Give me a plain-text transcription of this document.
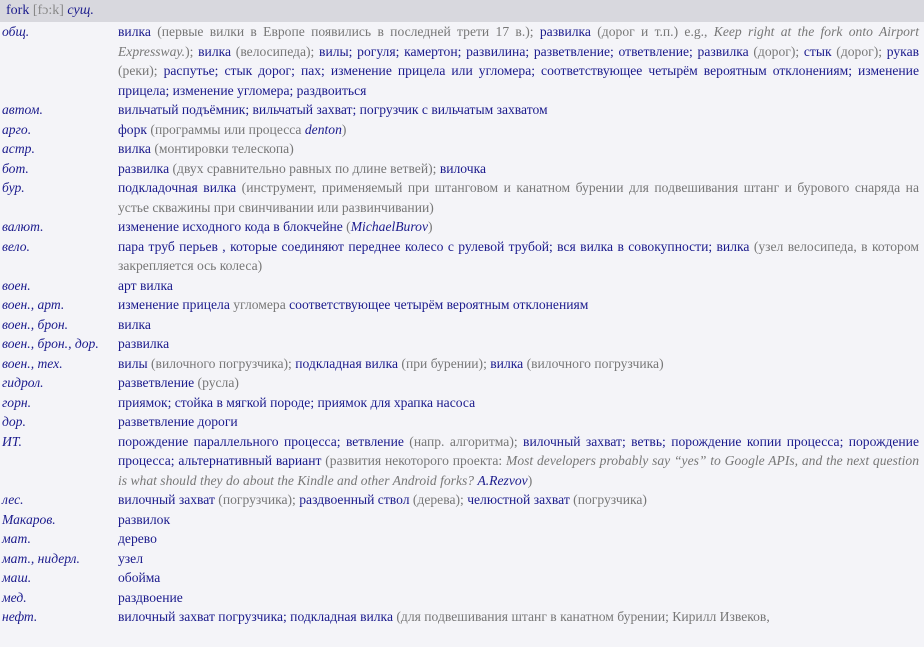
fork [fɔ:k] сущ.
общ.	вилка (первые вилки в Европе появились в последней трети 17 в.); развилка (дорог и т.п.) e.g., Keep right at the fork onto Airport Expressway.); вилка (велосипеда); вилы; рогуля; камертон; развилина; разветвление; ответвление; развилка (дорог); стык (дорог); рукав (реки); распутье; стык дорог; пах; изменение прицела или угломера; соответствующее четырём вероятным отклонениям; изменение прицела; изменение угломера; раздвоиться
автом.	вильчатый подъёмник; вильчатый захват; погрузчик с вильчатым захватом
арго.	форк (программы или процесса denton)
астр.	вилка (монтировки телескопа)
бот.	развилка (двух сравнительно равных по длине ветвей); вилочка
бур.	подкладочная вилка (инструмент, применяемый при штанговом и канатном бурении для подвешивания штанг и бурового снаряда на устье скважины при свинчивании или развинчивании)
валют.	изменение исходного кода в блокчейне (MichaelBurov)
вело.	пара труб перьев , которые соединяют переднее колесо с рулевой трубой; вся вилка в совокупности; вилка (узел велосипеда, в котором закрепляется ось колеса)
воен.	арт вилка
воен., арт.	изменение прицела угломера соответствующее четырём вероятным отклонениям
воен., брон.	вилка
воен., брон., дор.	развилка
воен., тех.	вилы (вилочного погрузчика); подкладная вилка (при бурении); вилка (вилочного погрузчика)
гидрол.	разветвление (русла)
горн.	приямок; стойка в мягкой породе; приямок для храпка насоса
дор.	разветвление дороги
ИТ.	порождение параллельного процесса; ветвление (напр. алгоритма); вилочный захват; ветвь; порождение копии процесса; порождение процесса; альтернативный вариант (развития некоторого проекта: Most developers probably say “yes” to Google APIs, and the next question is what should they do about the Kindle and other Android forks? A.Rezvov)
лес.	вилочный захват (погрузчика); раздвоенный ствол (дерева); челюстной захват (погрузчика)
Макаров.	развилок
мат.	дерево
мат., нидерл.	узел
маш.	обойма
мед.	раздвоение
нефт.	вилочный захват погрузчика; подкладная вилка (для подвешивания штанг в канатном бурении; Кирилл Извеков,
